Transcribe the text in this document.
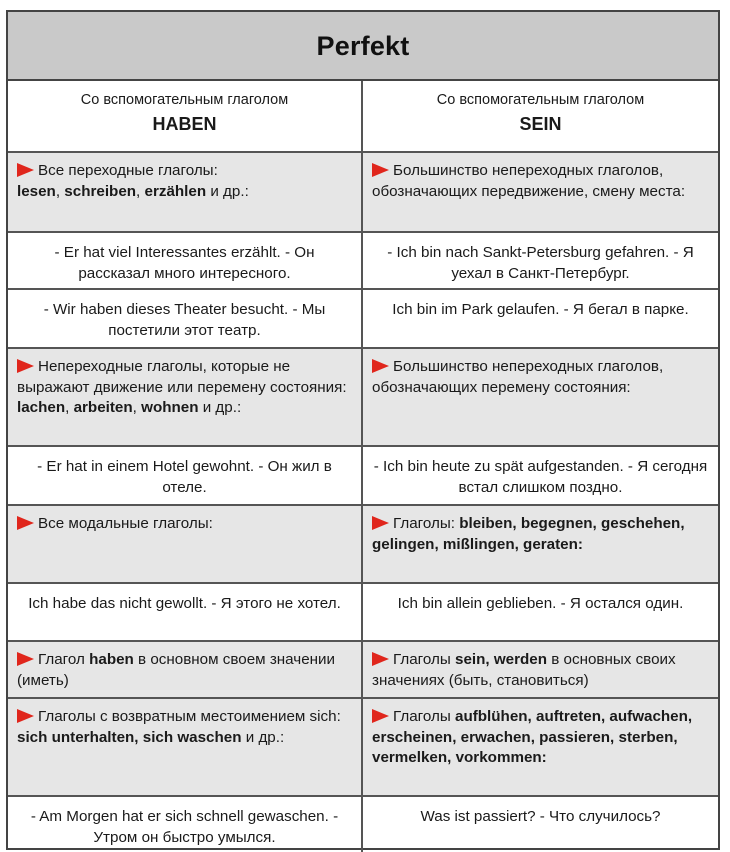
Perfekt
Со вспомогательным глаголом
HABEN
Со вспомогательным глаголом
SEIN
Все переходные глаголы:
lesen, schreiben, erzählen и др.:
Большинство непереходных глаголов, обозначающих передвижение, смену места:
- Er hat viel Interessantes erzählt. - Он рассказал много интересного.
- Ich bin nach Sankt-Petersburg gefahren. - Я уехал в Санкт-Петербург.
- Wir haben dieses Theater besucht. - Мы постетили этот театр.
Ich bin im Park gelaufen. - Я бегал в парке.
Непереходные глаголы, которые не выражают движение или перемену состояния:
lachen, arbeiten, wohnen и др.:
Большинство непереходных глаголов, обозначающих перемену состояния:
- Er hat in einem Hotel gewohnt. - Он жил в отеле.
- Ich bin heute zu spät aufgestanden. - Я сегодня встал слишком поздно.
Все модальные глаголы:	Глаголы: bleiben, begegnen, geschehen, gelingen, mißlingen, geraten:
Ich habe das nicht gewollt. - Я этого не хотел.	Ich bin allein geblieben. - Я остался один.
Глагол haben в основном своем значении (иметь)
Глаголы sein, werden в основных своих значениях (быть, становиться)
Глаголы с возвратным местоимением sich: sich unterhalten, sich waschen и др.:
Глаголы aufblühen, auftreten, aufwachen, erscheinen, erwachen, passieren, sterben, vermelken, vorkommen:
- Am Morgen hat er sich schnell gewaschen. - Утром он быстро умылся.
Was ist passiert? - Что случилось?
